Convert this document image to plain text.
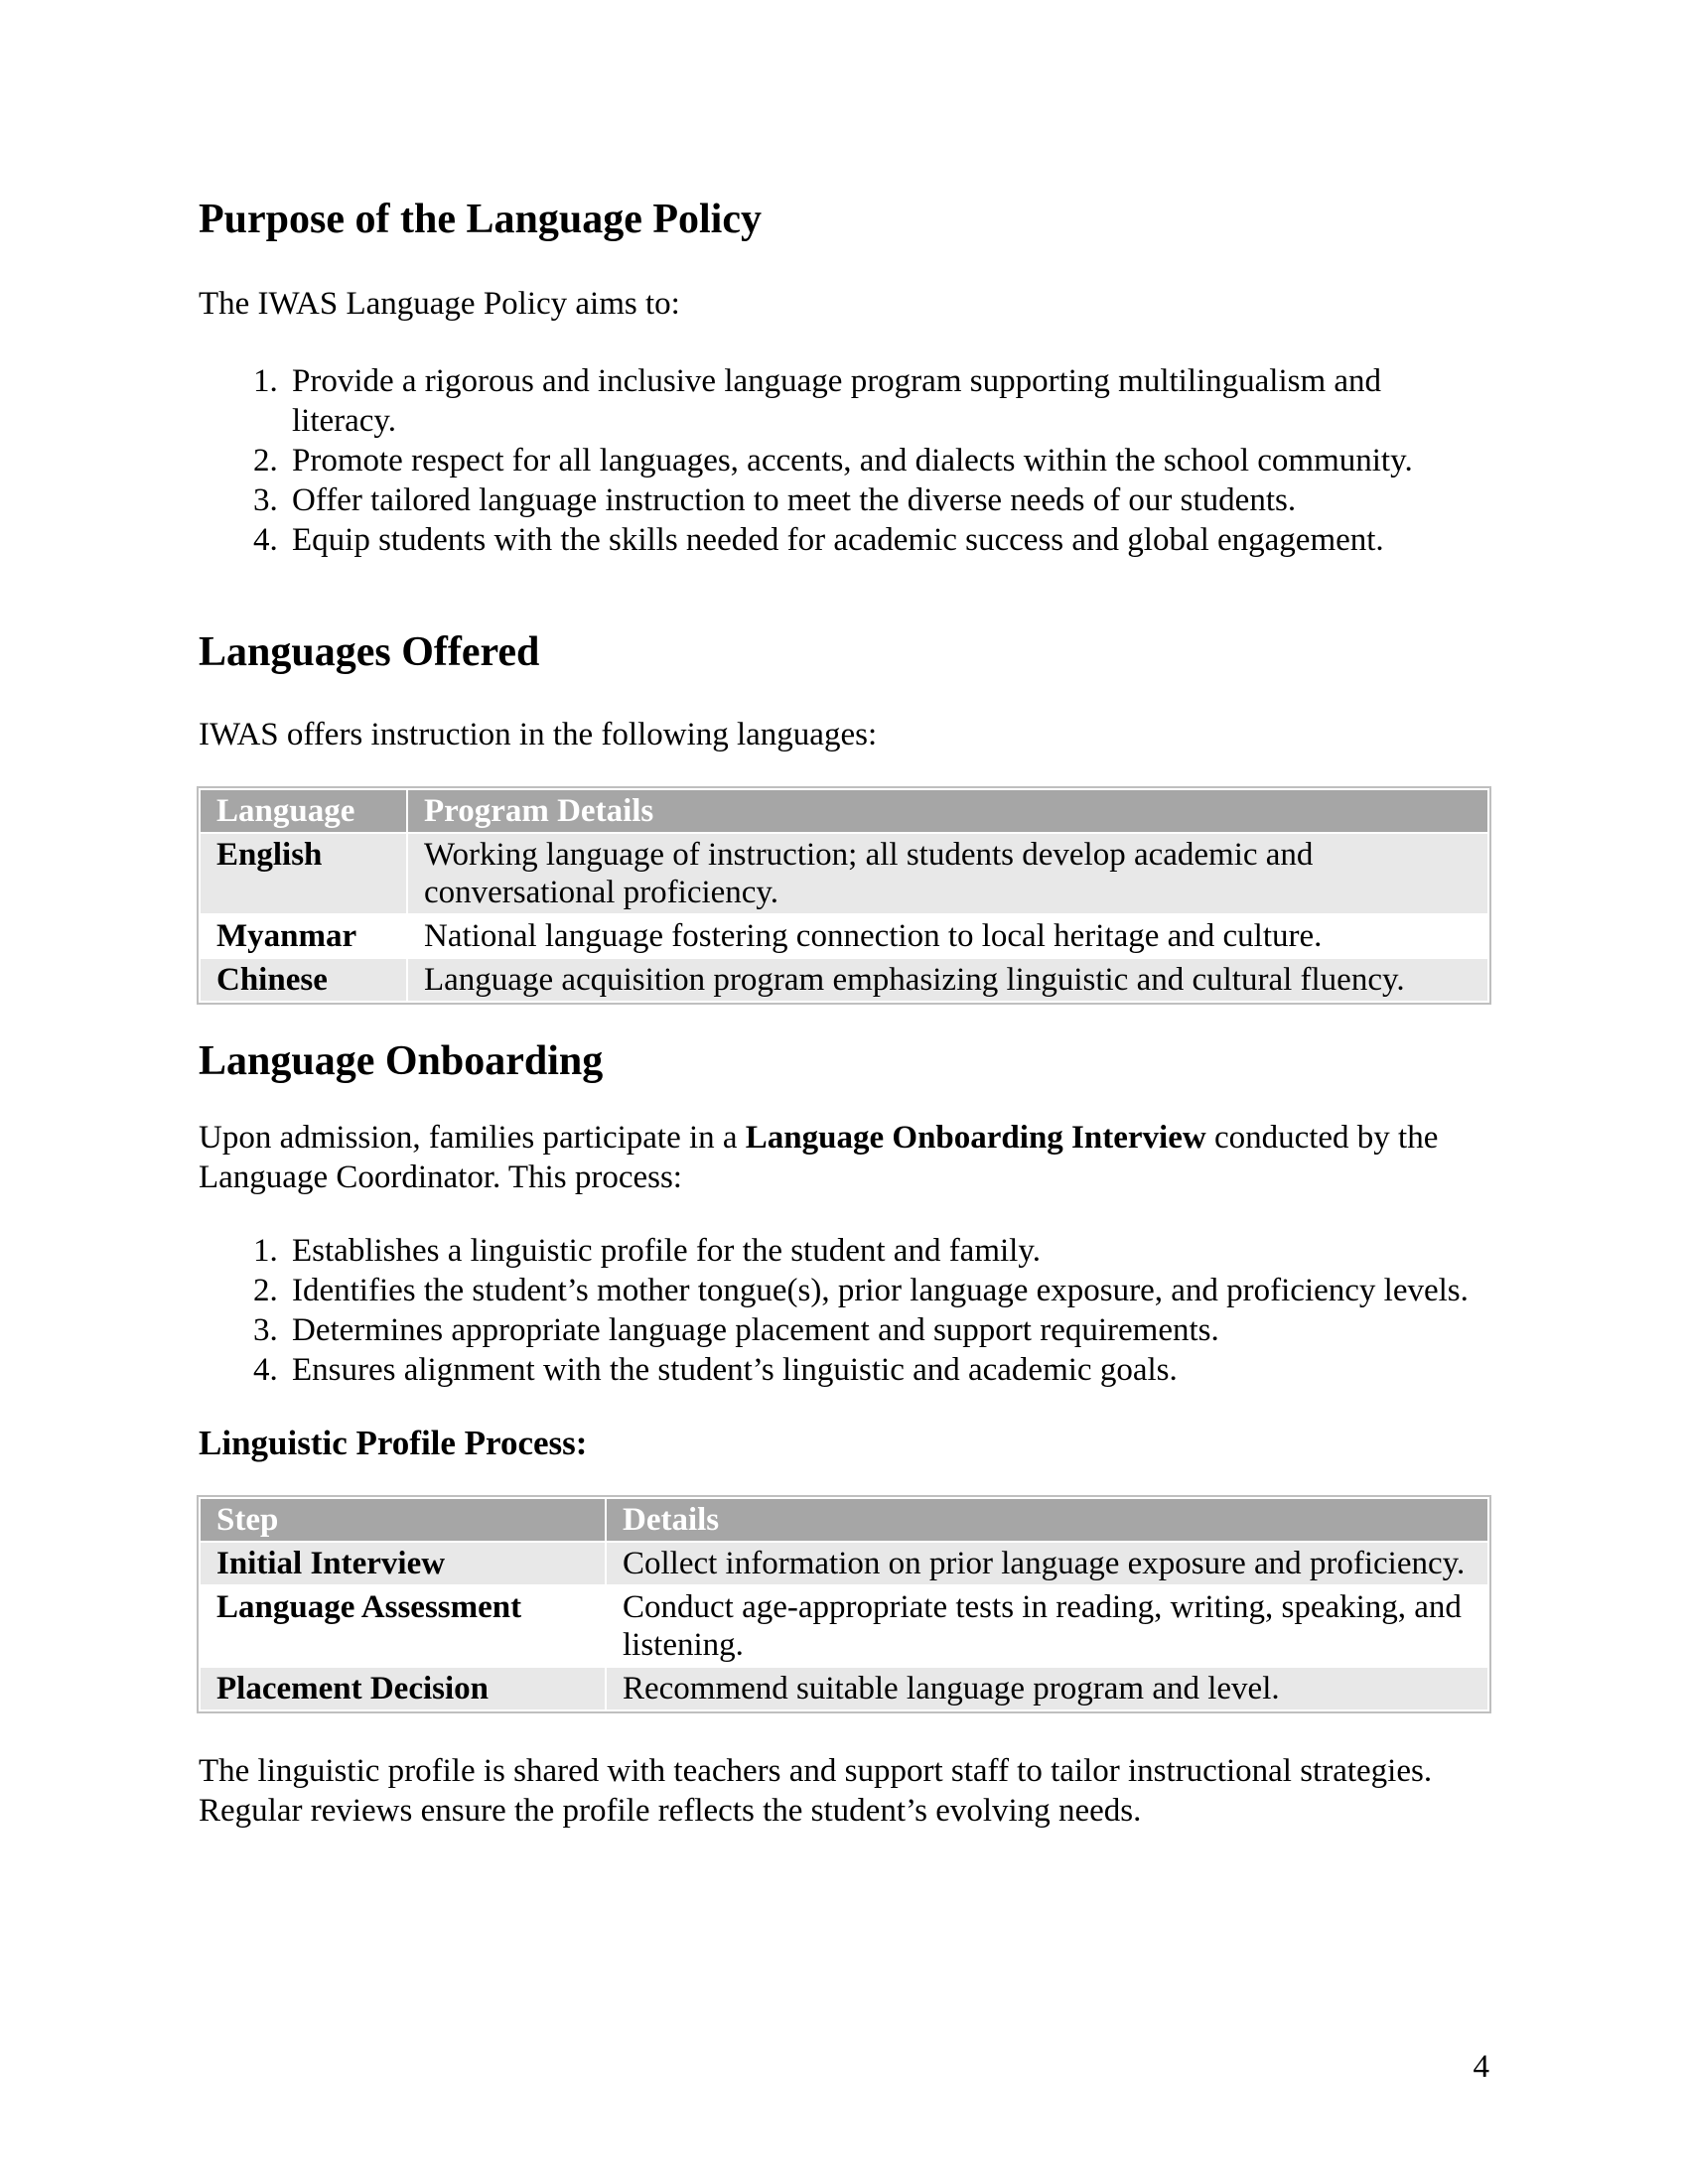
Purpose of the Language Policy

The IWAS Language Policy aims to:

1. Provide a rigorous and inclusive language program supporting multilingualism and literacy.
2. Promote respect for all languages, accents, and dialects within the school community.
3. Offer tailored language instruction to meet the diverse needs of our students.
4. Equip students with the skills needed for academic success and global engagement.
Languages Offered

IWAS offers instruction in the following languages:

Language	Program Details
English	Working language of instruction; all students develop academic and conversational proficiency.
Myanmar	National language fostering connection to local heritage and culture.
Chinese	Language acquisition program emphasizing linguistic and cultural fluency.
Language Onboarding

Upon admission, families participate in a Language Onboarding Interview conducted by the Language Coordinator. This process:

1. Establishes a linguistic profile for the student and family.
2. Identifies the student’s mother tongue(s), prior language exposure, and proficiency levels.
3. Determines appropriate language placement and support requirements.
4. Ensures alignment with the student’s linguistic and academic goals.
Linguistic Profile Process:
Step	Details
Initial Interview	Collect information on prior language exposure and proficiency.
Language Assessment	Conduct age-appropriate tests in reading, writing, speaking, and listening.
Placement Decision	Recommend suitable language program and level.

The linguistic profile is shared with teachers and support staff to tailor instructional strategies. Regular reviews ensure the profile reflects the student’s evolving needs.

4
